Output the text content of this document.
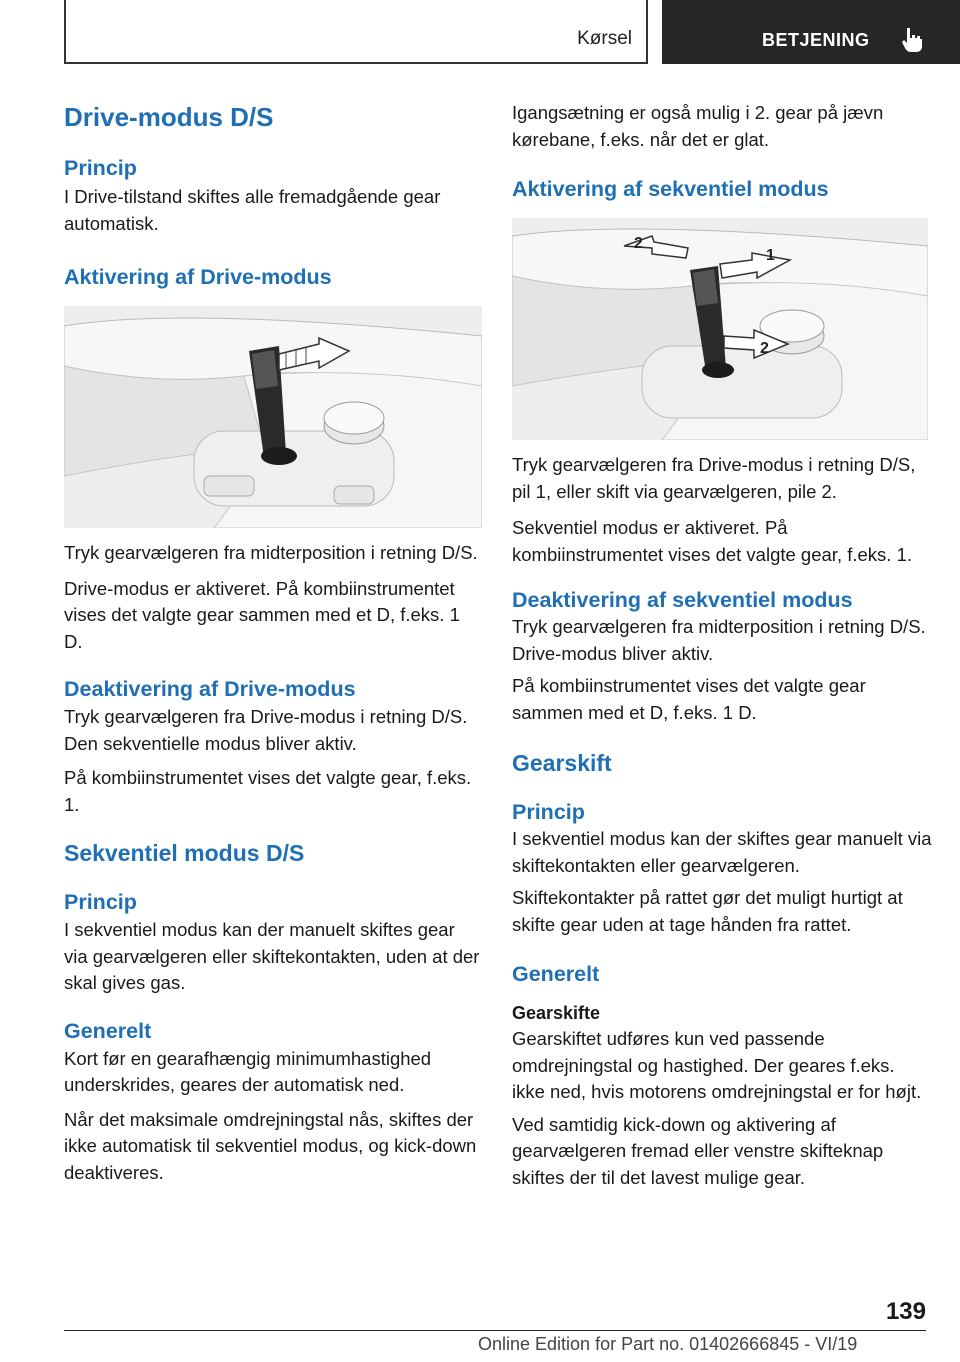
Kørsel	BETJENING
Drive-modus D/S
Princip

I Drive-tilstand skiftes alle fremadgående gear automatisk.

Aktivering af Drive-modus

Tryk gearvælgeren fra midterposition i retning D/S.

Drive-modus er aktiveret. På kombiinstrumentet vises det valgte gear sammen med et D, f.eks. 1 D.

Deaktivering af Drive-modus

Tryk gearvælgeren fra Drive-modus i retning D/S. Den sekventielle modus bliver aktiv.

På kombiinstrumentet vises det valgte gear, f.eks. 1.

Sekventiel modus D/S
Princip

I sekventiel modus kan der manuelt skiftes gear via gearvælgeren eller skiftekontakten, uden at der skal gives gas.

Generelt

Kort før en gearafhængig minimumhastighed underskrides, geares der automatisk ned.

Når det maksimale omdrejningstal nås, skiftes der ikke automatisk til sekventiel modus, og kick-down deaktiveres.

Igangsætning er også mulig i 2. gear på jævn kørebane, f.eks. når det er glat.

Aktivering af sekventiel modus
1
2
2

Tryk gearvælgeren fra Drive-modus i retning D/S, pil 1, eller skift via gearvælgeren, pile 2.

Sekventiel modus er aktiveret. På kombiinstrumentet vises det valgte gear, f.eks. 1.

Deaktivering af sekventiel modus

Tryk gearvælgeren fra midterposition i retning D/S. Drive-modus bliver aktiv.

På kombiinstrumentet vises det valgte gear sammen med et D, f.eks. 1 D.

Gearskift
Princip

I sekventiel modus kan der skiftes gear manuelt via skiftekontakten eller gearvælgeren.

Skiftekontakter på rattet gør det muligt hurtigt at skifte gear uden at tage hånden fra rattet.

Generelt
Gearskifte

Gearskiftet udføres kun ved passende omdrejningstal og hastighed. Der geares f.eks. ikke ned, hvis motorens omdrejningstal er for højt.

Ved samtidig kick-down og aktivering af gearvælgeren fremad eller venstre skifteknap skiftes der til det lavest mulige gear.

139
Online Edition for Part no. 01402666845 - VI/19
